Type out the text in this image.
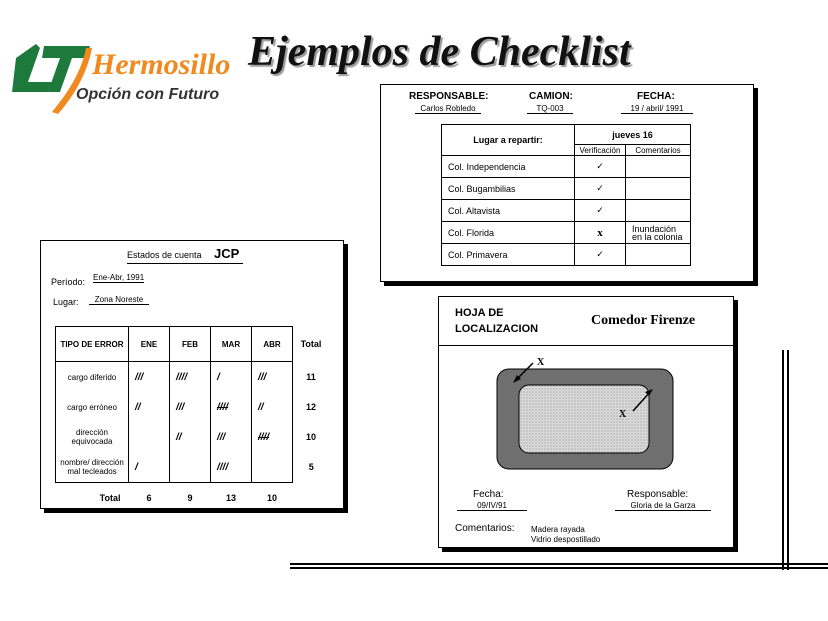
Hermosillo
Opción con Futuro
Ejemplos de Checklist
RESPONSABLE:
Carlos Robledo
CAMION:
TQ-003
FECHA:
19 / abril/ 1991
Lugar a repartir:	jueves 16	
	Verificación	Comentarios
Col. Independencia	✓	
Col. Bugambilias	✓	
Col. Altavista	✓	
Col. Florida	x	Inundación en la colonia
Col. Primavera	✓	
Estados de cuenta JCP
Período: Ene-Abr, 1991
Lugar:	Zona Noreste
TIPO DE ERROR	ENE	FEB	MAR	ABR	Total
cargo diferido	///	////	/	///	11
cargo erróneo	//	///	////	//	12
dirección equivocada		//	///	////	10
nombre/ dirección mal tecleados	/		////		5
Total	6	9	13	10	
HOJA DE
LOCALIZACION
Comedor Firenze
X
X
Fecha:
09/IV/91
Responsable:
Gloria de la Garza
Comentarios: Madera rayada
Vidrio despostillado
